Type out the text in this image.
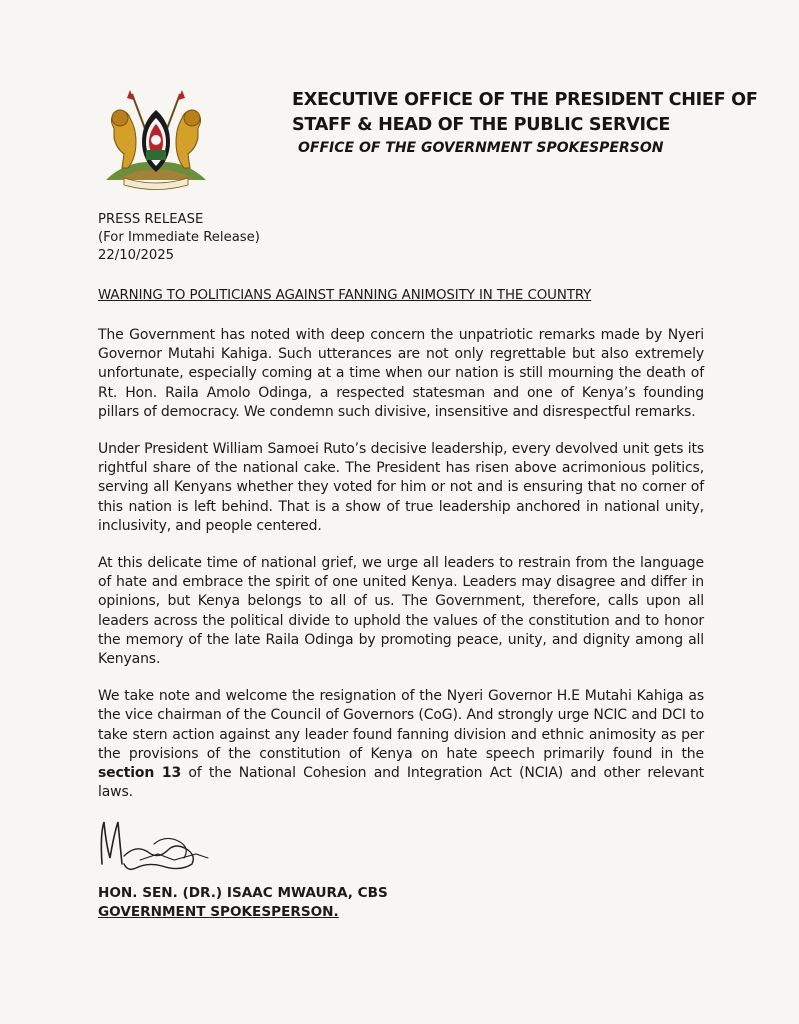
EXECUTIVE OFFICE OF THE PRESIDENT CHIEF OF
STAFF & HEAD OF THE PUBLIC SERVICE
OFFICE OF THE GOVERNMENT SPOKESPERSON
PRESS RELEASE
(For Immediate Release)
22/10/2025
WARNING TO POLITICIANS AGAINST FANNING ANIMOSITY IN THE COUNTRY

The Government has noted with deep concern the unpatriotic remarks made by Nyeri Governor Mutahi Kahiga. Such utterances are not only regrettable but also extremely unfortunate, especially coming at a time when our nation is still mourning the death of Rt. Hon. Raila Amolo Odinga, a respected statesman and one of Kenya’s founding pillars of democracy. We condemn such divisive, insensitive and disrespectful remarks.

Under President William Samoei Ruto’s decisive leadership, every devolved unit gets its rightful share of the national cake. The President has risen above acrimonious politics, serving all Kenyans whether they voted for him or not and is ensuring that no corner of this nation is left behind. That is a show of true leadership anchored in national unity, inclusivity, and people centered.

At this delicate time of national grief, we urge all leaders to restrain from the language of hate and embrace the spirit of one united Kenya. Leaders may disagree and differ in opinions, but Kenya belongs to all of us. The Government, therefore, calls upon all leaders across the political divide to uphold the values of the constitution and to honor the memory of the late Raila Odinga by promoting peace, unity, and dignity among all Kenyans.

We take note and welcome the resignation of the Nyeri Governor H.E Mutahi Kahiga as the vice chairman of the Council of Governors (CoG). And strongly urge NCIC and DCI to take stern action against any leader found fanning division and ethnic animosity as per the provisions of the constitution of Kenya on hate speech primarily found in the section 13 of the National Cohesion and Integration Act (NCIA) and other relevant laws.

HON. SEN. (DR.) ISAAC MWAURA, CBS
GOVERNMENT SPOKESPERSON.
